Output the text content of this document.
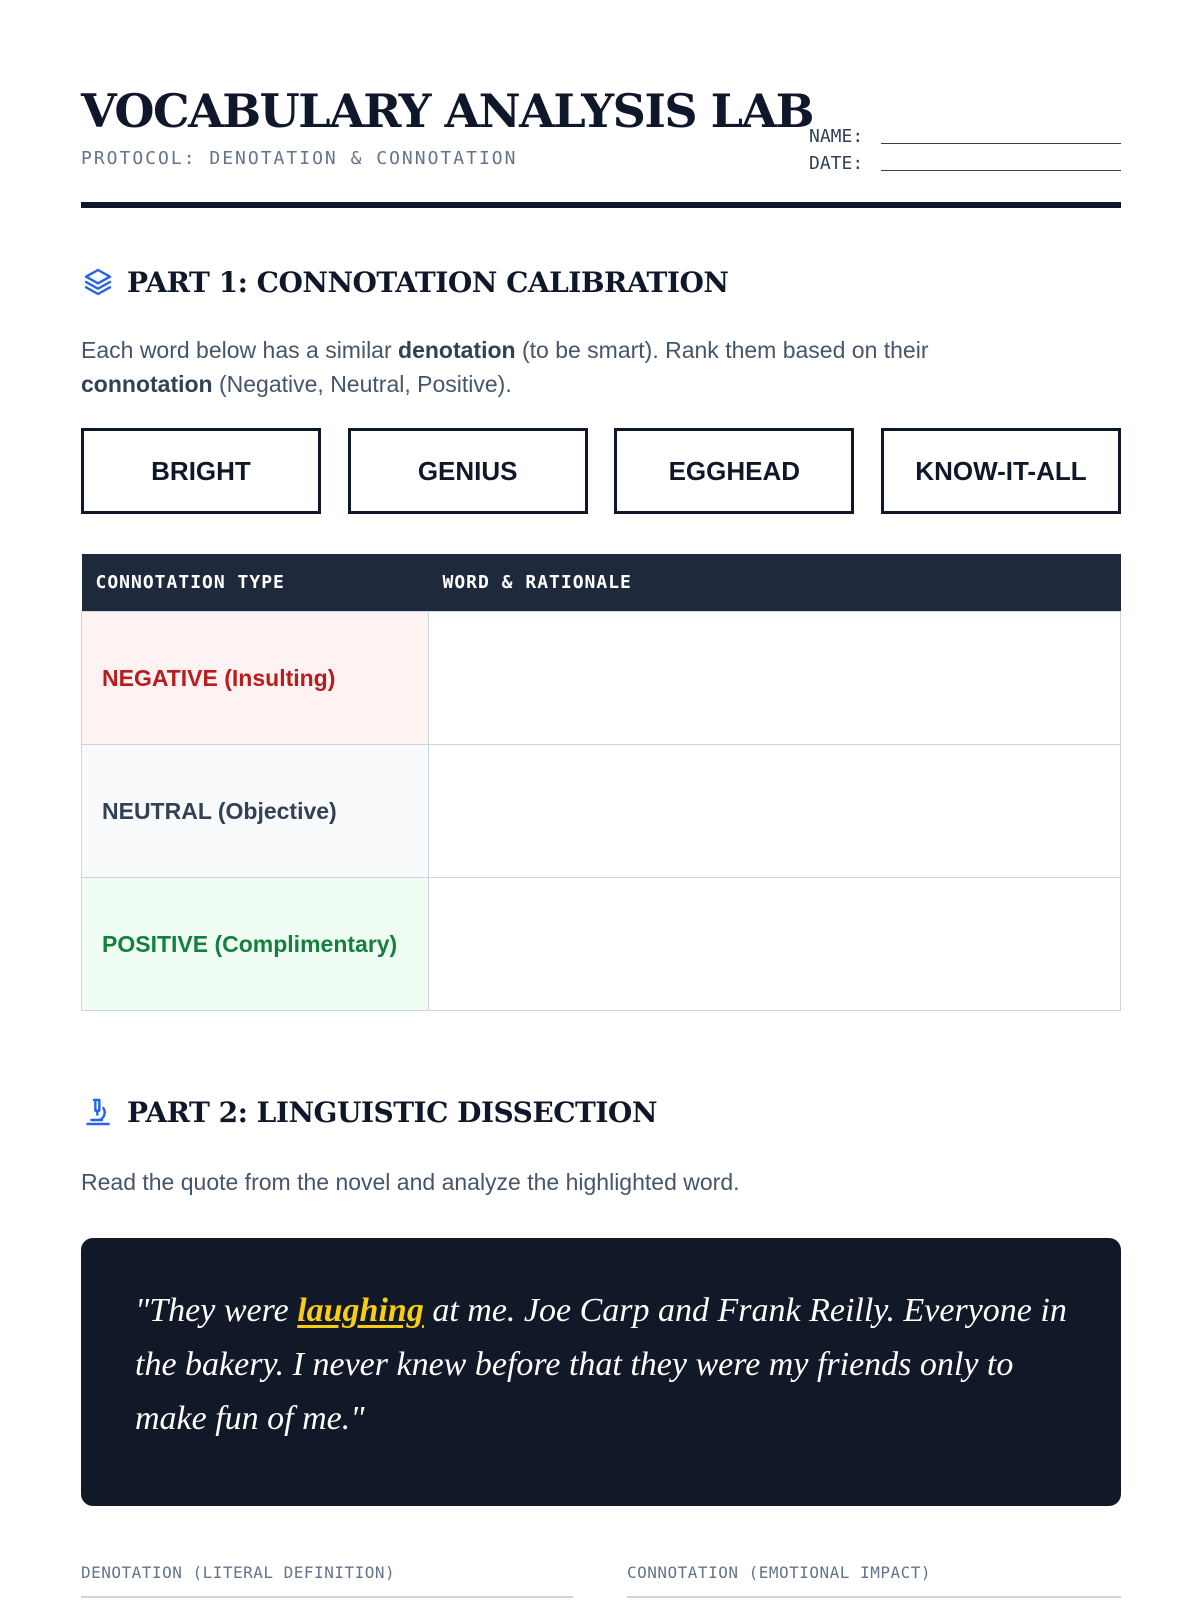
VOCABULARY ANALYSIS LAB
PROTOCOL: DENOTATION & CONNOTATION
NAME:
DATE:
PART 1: CONNOTATION CALIBRATION

Each word below has a similar denotation (to be smart). Rank them based on their connotation (Negative, Neutral, Positive).

BRIGHT	GENIUS	EGGHEAD	KNOW-IT-ALL
CONNOTATION TYPE	WORD & RATIONALE
NEGATIVE (Insulting)	
NEUTRAL (Objective)	
POSITIVE (Complimentary)	
PART 2: LINGUISTIC DISSECTION

Read the quote from the novel and analyze the highlighted word.

"They were laughing at me. Joe Carp and Frank Reilly. Everyone in the bakery. I never knew before that they were my friends only to make fun of me."

DENOTATION (LITERAL DEFINITION)	CONNOTATION (EMOTIONAL IMPACT)
